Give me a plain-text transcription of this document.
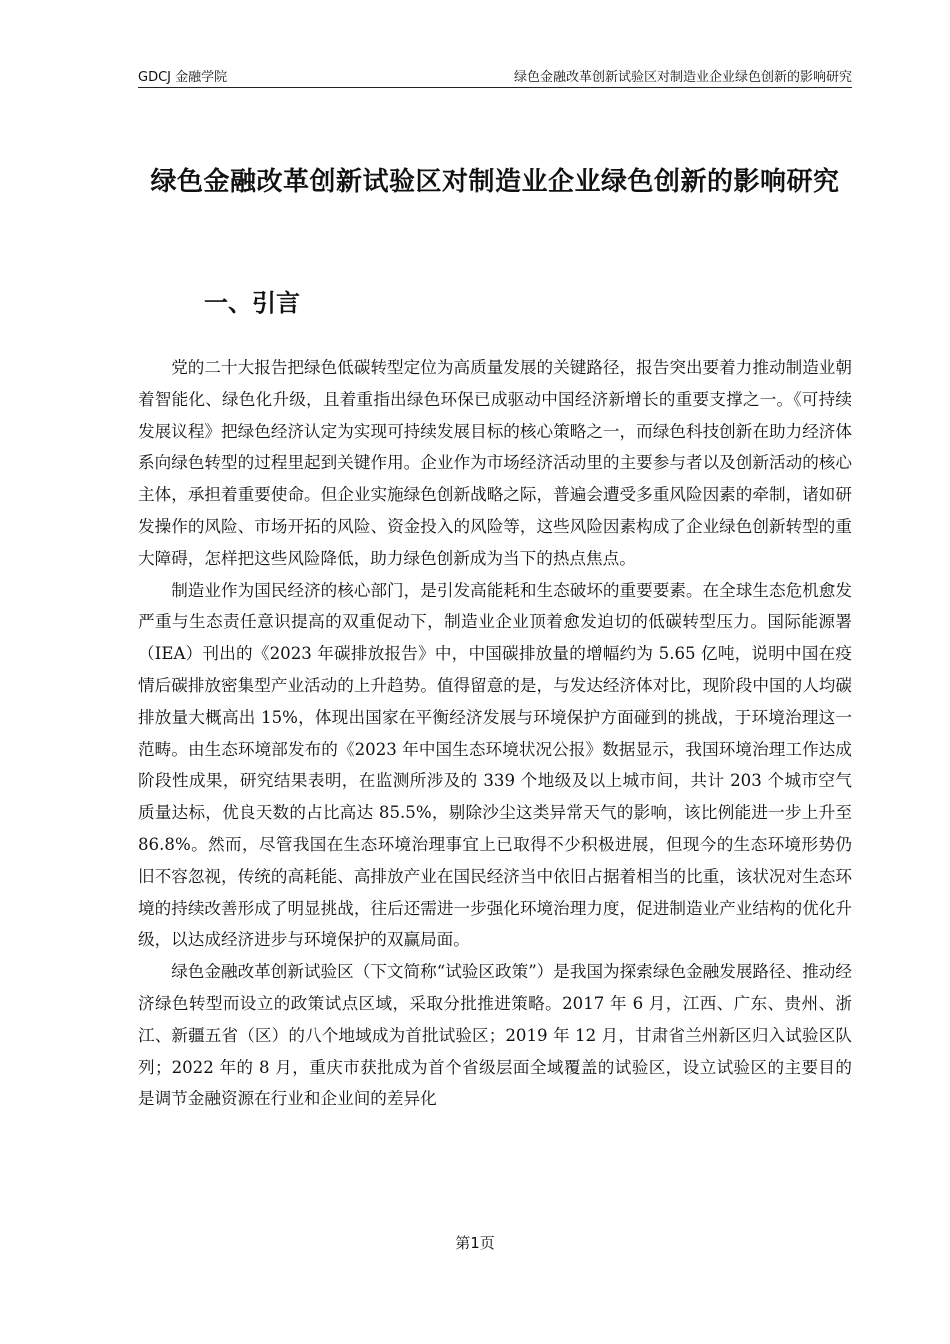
GDCJ 金融学院	绿色金融改革创新试验区对制造业企业绿色创新的影响研究
绿色金融改革创新试验区对制造业企业绿色创新的影响研究
一、引言

党的二十大报告把绿色低碳转型定位为高质量发展的关键路径，报告突出要着力推动制造业朝着智能化、绿色化升级，且着重指出绿色环保已成驱动中国经济新增长的重要支撑之一。《可持续发展议程》把绿色经济认定为实现可持续发展目标的核心策略之一，而绿色科技创新在助力经济体系向绿色转型的过程里起到关键作用。企业作为市场经济活动里的主要参与者以及创新活动的核心主体，承担着重要使命。但企业实施绿色创新战略之际，普遍会遭受多重风险因素的牵制，诸如研发操作的风险、市场开拓的风险、资金投入的风险等，这些风险因素构成了企业绿色创新转型的重大障碍，怎样把这些风险降低，助力绿色创新成为当下的热点焦点。

制造业作为国民经济的核心部门，是引发高能耗和生态破坏的重要要素。在全球生态危机愈发严重与生态责任意识提高的双重促动下，制造业企业顶着愈发迫切的低碳转型压力。国际能源署（IEA）刊出的《2023 年碳排放报告》中，中国碳排放量的增幅约为 5.65 亿吨，说明中国在疫情后碳排放密集型产业活动的上升趋势。值得留意的是，与发达经济体对比，现阶段中国的人均碳排放量大概高出 15%，体现出国家在平衡经济发展与环境保护方面碰到的挑战，于环境治理这一范畴。由生态环境部发布的《2023 年中国生态环境状况公报》数据显示，我国环境治理工作达成阶段性成果，研究结果表明，在监测所涉及的 339 个地级及以上城市间，共计 203 个城市空气质量达标，优良天数的占比高达 85.5%，剔除沙尘这类异常天气的影响，该比例能进一步上升至 86.8%。然而，尽管我国在生态环境治理事宜上已取得不少积极进展，但现今的生态环境形势仍旧不容忽视，传统的高耗能、高排放产业在国民经济当中依旧占据着相当的比重，该状况对生态环境的持续改善形成了明显挑战，往后还需进一步强化环境治理力度，促进制造业产业结构的优化升级，以达成经济进步与环境保护的双赢局面。

绿色金融改革创新试验区（下文简称“试验区政策”）是我国为探索绿色金融发展路径、推动经济绿色转型而设立的政策试点区域，采取分批推进策略。2017 年 6 月，江西、广东、贵州、浙江、新疆五省（区）的八个地域成为首批试验区；2019 年 12 月，甘肃省兰州新区归入试验区队列；2022 年的 8 月，重庆市获批成为首个省级层面全域覆盖的试验区，设立试验区的主要目的是调节金融资源在行业和企业间的差异化

第1页
